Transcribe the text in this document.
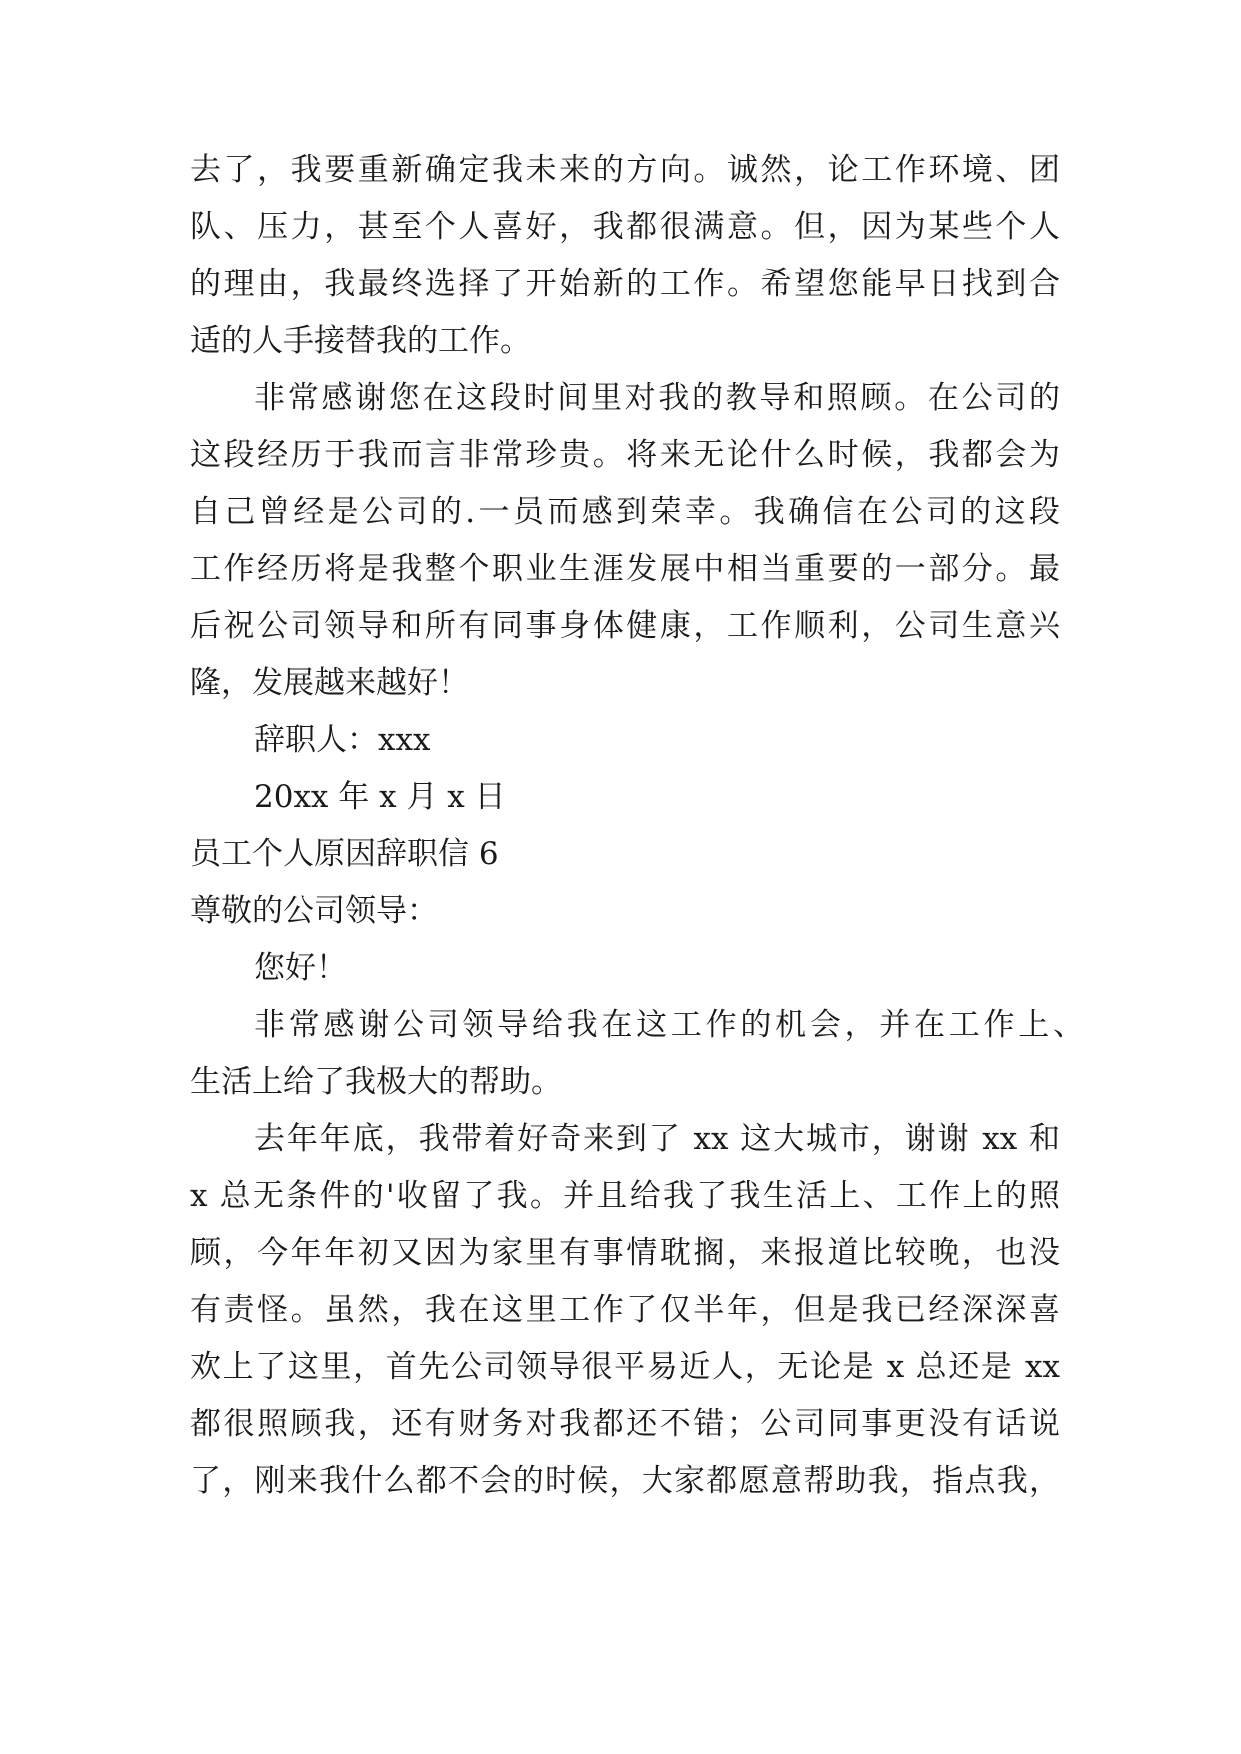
去了，我要重新确定我未来的方向。诚然，论工作环境、团
队、压力，甚至个人喜好，我都很满意。但，因为某些个人
的理由，我最终选择了开始新的工作。希望您能早日找到合
适的人手接替我的工作。
非常感谢您在这段时间里对我的教导和照顾。在公司的
这段经历于我而言非常珍贵。将来无论什么时候，我都会为
自己曾经是公司的.一员而感到荣幸。我确信在公司的这段
工作经历将是我整个职业生涯发展中相当重要的一部分。最
后祝公司领导和所有同事身体健康，工作顺利，公司生意兴
隆，发展越来越好！
辞职人：xxx
20xx 年 x 月 x 日
员工个人原因辞职信 6
尊敬的公司领导：
您好！
非常感谢公司领导给我在这工作的机会，并在工作上、
生活上给了我极大的帮助。
去年年底，我带着好奇来到了 xx 这大城市，谢谢 xx 和
x 总无条件的'收留了我。并且给我了我生活上、工作上的照
顾，今年年初又因为家里有事情耽搁，来报道比较晚，也没
有责怪。虽然，我在这里工作了仅半年，但是我已经深深喜
欢上了这里，首先公司领导很平易近人，无论是 x 总还是 xx
都很照顾我，还有财务对我都还不错；公司同事更没有话说
了，刚来我什么都不会的时候，大家都愿意帮助我，指点我，
